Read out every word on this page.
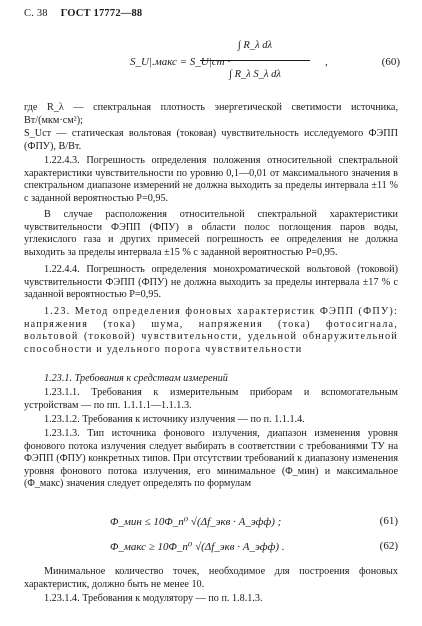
С. 38 ГОСТ 17772—88
S_U|.макс = S_U|ст ·
∫ R_λ dλ
∫ R_λ S_λ dλ
,	(60)
где R_λ — спектральная плотность энергетической светимости источника, Вт/(мкм·см²);
S_Uст — статическая вольтовая (токовая) чувствительность исследуемого ФЭПП (ФПУ), В/Вт.
1.22.4.3. Погрешность определения положения относительной спектральной характеристики чувствительности по уровню 0,1—0,01 от максимального значения в спектральном диапазоне измерений не должна выходить за пределы интервала ±11 % с заданной вероятностью P=0,95.
В случае расположения относительной спектральной характеристики чувствительности ФЭПП (ФПУ) в области полос поглощения паров воды, углекислого газа и других примесей погрешность ее определения не должна выходить за пределы интервала ±15 % с заданной вероятностью P=0,95.
1.22.4.4. Погрешность определения монохроматической вольтовой (токовой) чувствительности ФЭПП (ФПУ) не должна выходить за пределы интервала ±17 % с заданной вероятностью P=0,95.
1.23. Метод определения фоновых характеристик ФЭПП (ФПУ): напряжения (тока) шума, напряжения (тока) фотосигнала, вольтовой (токовой) чувствительности, удельной обнаружительной способности и удельного порога чувствительности
1.23.1. Требования к средствам измерений
1.23.1.1. Требования к измерительным приборам и вспомогательным устройствам — по пп. 1.1.1.1—1.1.1.3.
1.23.1.2. Требования к источнику излучения — по п. 1.1.1.4.
1.23.1.3. Тип источника фонового излучения, диапазон изменения уровня фонового потока излучения следует выбирать в соответствии с требованиями ТУ на ФЭПП (ФПУ) конкретных типов. При отсутствии требований к диапазону изменения уровня фонового потока излучения, его минимальное (Φ_мин) и максимальное (Φ_макс) значения следует определять по формулам
Φ_мин ≤ 10Φ_п⁰ √(Δf_экв · A_эфф) ;	(61)
Φ_макс ≥ 10Φ_п⁰ √(Δf_экв · A_эфф) .	(62)
Минимальное количество точек, необходимое для построения фоновых характеристик, должно быть не менее 10.
1.23.1.4. Требования к модулятору — по п. 1.8.1.3.
